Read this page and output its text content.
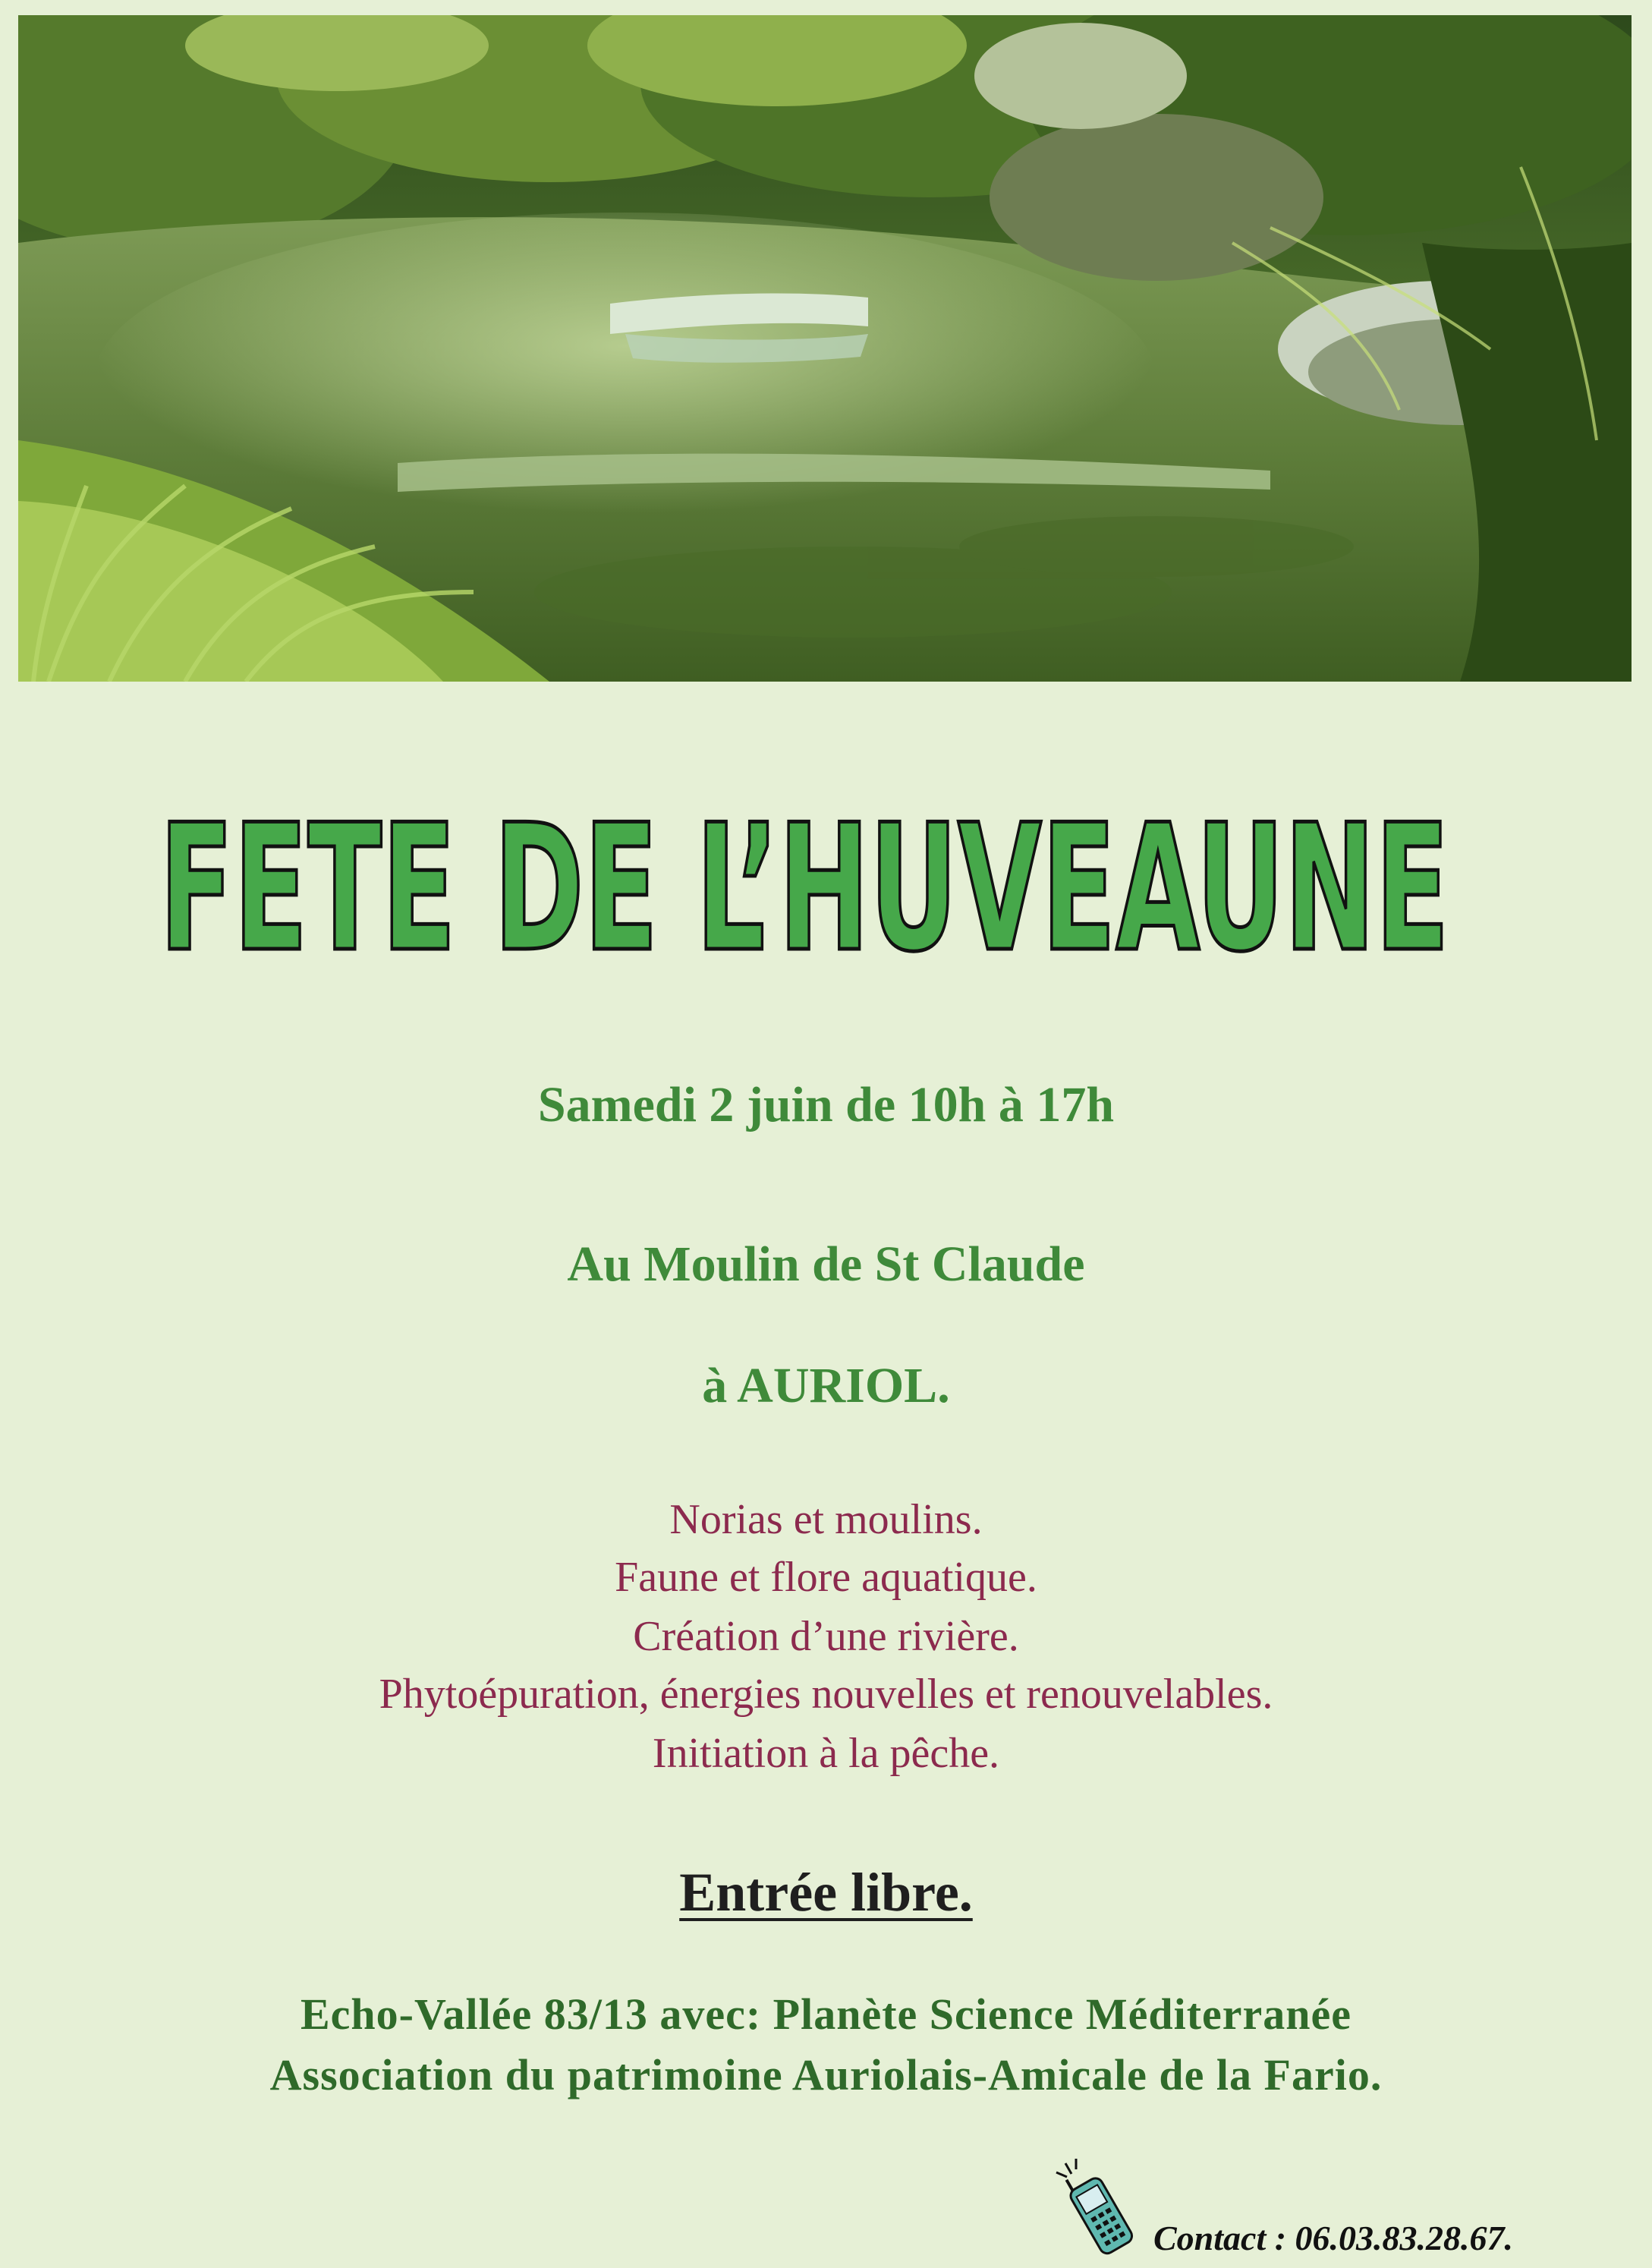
FETE DE L’HUVEAUNE
Samedi 2 juin de 10h à 17h
Au Moulin de St Claude
à AURIOL.
Norias et moulins.
Faune et flore aquatique.
Création d’une rivière.
Phytoépuration, énergies nouvelles et renouvelables.
Initiation à la pêche.
Entrée libre.
Echo-Vallée 83/13 avec: Planète Science Méditerranée
Association du patrimoine Auriolais-Amicale de la Fario.
Contact : 06.03.83.28.67.
